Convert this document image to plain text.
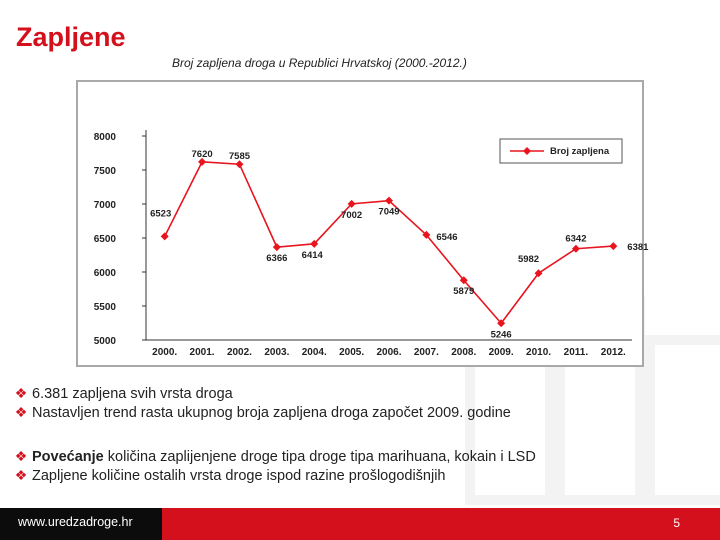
Zapljene
Broj zapljena droga u Republici Hrvatskoj (2000.-2012.)
5000
5500
6000
6500
7000
7500
8000
2000. 2001. 2002. 2003. 2004. 2005. 2006. 2007. 2008. 2009. 2010. 2011. 2012.
6523
7620 7585
6366 6414
7002 7049
6546
5879
5246
5982
6342
6381
Broj zapljena
❖ 6.381 zapljena svih vrsta droga
❖ Nastavljen trend rasta ukupnog broja zapljena droga započet 2009. godine
❖ Povećanje količina zaplijenjene droge tipa droge tipa marihuana, kokain i LSD
❖ Zapljene količine ostalih vrsta droge ispod razine prošlogodišnjih
www.uredzadroge.hr	5
